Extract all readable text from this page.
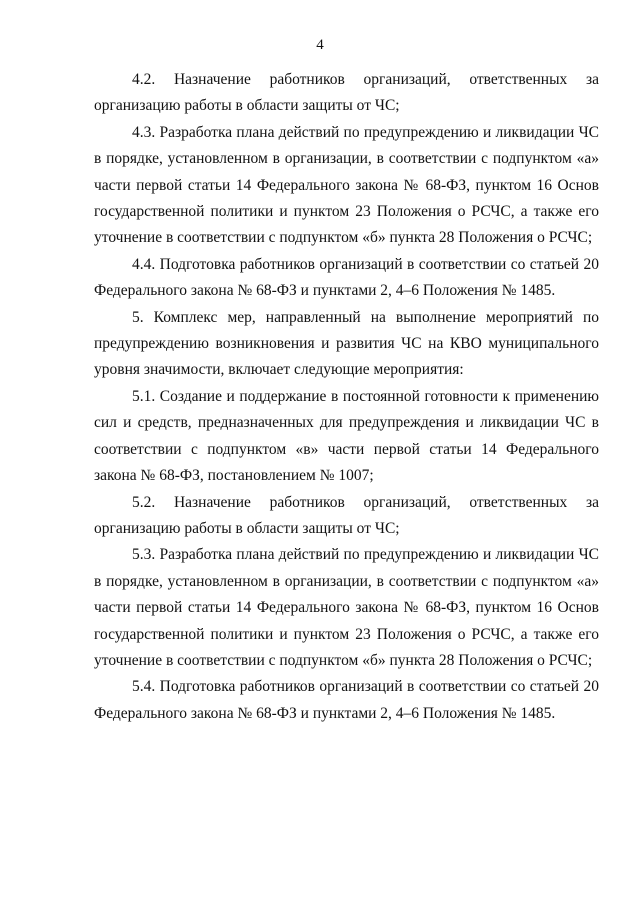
4

4.2. Назначение работников организаций, ответственных за организацию работы в области защиты от ЧС;

4.3. Разработка плана действий по предупреждению и ликвидации ЧС в порядке, установленном в организации, в соответствии с подпунктом «а» части первой статьи 14 Федерального закона № 68-ФЗ, пунктом 16 Основ государственной политики и пунктом 23 Положения о РСЧС, а также его уточнение в соответствии с подпунктом «б» пункта 28 Положения о РСЧС;

4.4. Подготовка работников организаций в соответствии со статьей 20 Федерального закона № 68-ФЗ и пунктами 2, 4–6 Положения № 1485.

5. Комплекс мер, направленный на выполнение мероприятий по предупреждению возникновения и развития ЧС на КВО муниципального уровня значимости, включает следующие мероприятия:

5.1. Создание и поддержание в постоянной готовности к применению сил и средств, предназначенных для предупреждения и ликвидации ЧС в соответствии с подпунктом «в» части первой статьи 14 Федерального закона № 68-ФЗ, постановлением № 1007;

5.2. Назначение работников организаций, ответственных за организацию работы в области защиты от ЧС;

5.3. Разработка плана действий по предупреждению и ликвидации ЧС в порядке, установленном в организации, в соответствии с подпунктом «а» части первой статьи 14 Федерального закона № 68-ФЗ, пунктом 16 Основ государственной политики и пунктом 23 Положения о РСЧС, а также его уточнение в соответствии с подпунктом «б» пункта 28 Положения о РСЧС;

5.4. Подготовка работников организаций в соответствии со статьей 20 Федерального закона № 68-ФЗ и пунктами 2, 4–6 Положения № 1485.
